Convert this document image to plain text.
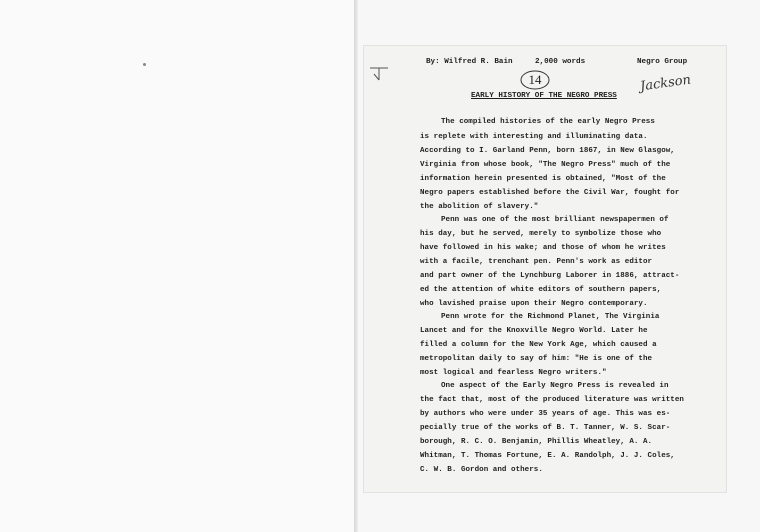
By: Wilfred R. Bain	2,000 words	Negro Group
14	Jackson
EARLY HISTORY OF THE NEGRO PRESS
The compiled histories of the early Negro Press
is replete with interesting and illuminating data.
According to I. Garland Penn, born 1867, in New Glasgow,
Virginia from whose book, "The Negro Press" much of the
information herein presented is obtained, "Most of the
Negro papers established before the Civil War, fought for
the abolition of slavery."
Penn was one of the most brilliant newspapermen of
his day, but he served, merely to symbolize those who
have followed in his wake; and those of whom he writes
with a facile, trenchant pen. Penn's work as editor
and part owner of the Lynchburg Laborer in 1886, attract-
ed the attention of white editors of southern papers,
who lavished praise upon their Negro contemporary.
Penn wrote for the Richmond Planet, The Virginia
Lancet and for the Knoxville Negro World. Later he
filled a column for the New York Age, which caused a
metropolitan daily to say of him: "He is one of the
most logical and fearless Negro writers."
One aspect of the Early Negro Press is revealed in
the fact that, most of the produced literature was written
by authors who were under 35 years of age. This was es-
pecially true of the works of B. T. Tanner, W. S. Scar-
borough, R. C. O. Benjamin, Phillis Wheatley, A. A.
Whitman, T. Thomas Fortune, E. A. Randolph, J. J. Coles,
C. W. B. Gordon and others.
